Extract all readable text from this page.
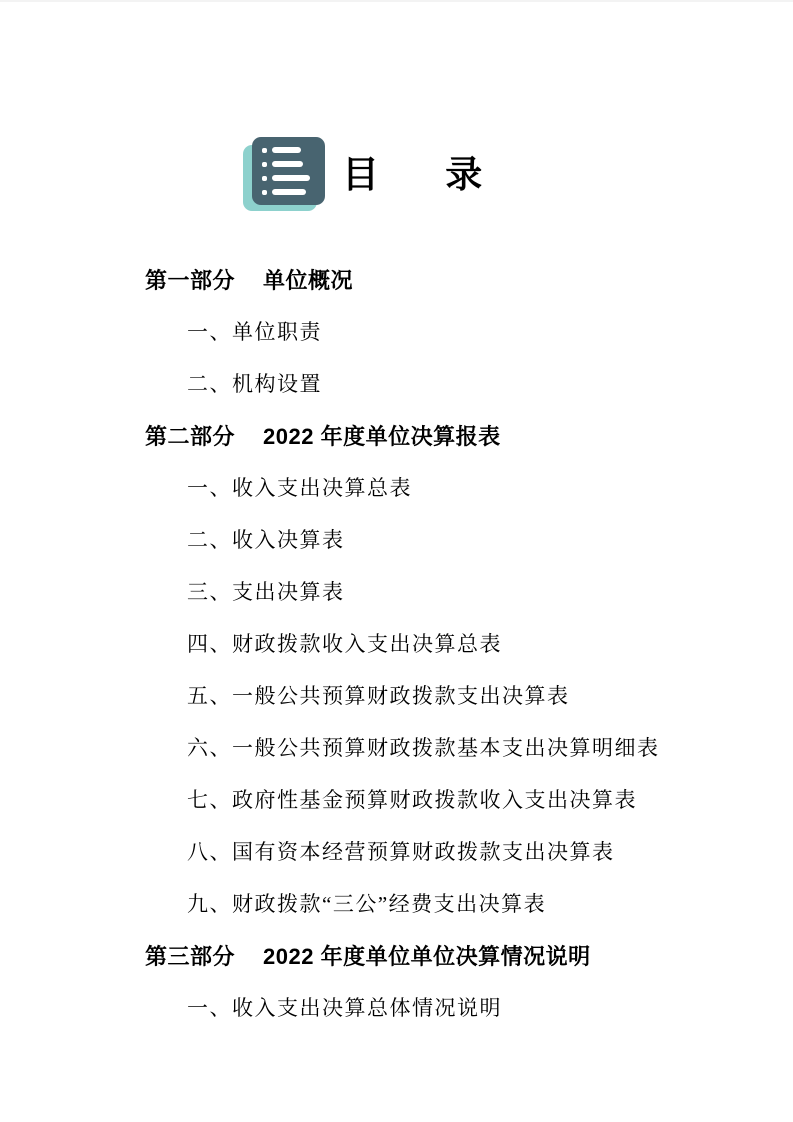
目 录
第一部分 单位概况
一、单位职责
二、机构设置
第二部分 2022 年度单位决算报表
一、收入支出决算总表
二、收入决算表
三、支出决算表
四、财政拨款收入支出决算总表
五、一般公共预算财政拨款支出决算表
六、一般公共预算财政拨款基本支出决算明细表
七、政府性基金预算财政拨款收入支出决算表
八、国有资本经营预算财政拨款支出决算表
九、财政拨款“三公”经费支出决算表
第三部分 2022 年度单位单位决算情况说明
一、收入支出决算总体情况说明
